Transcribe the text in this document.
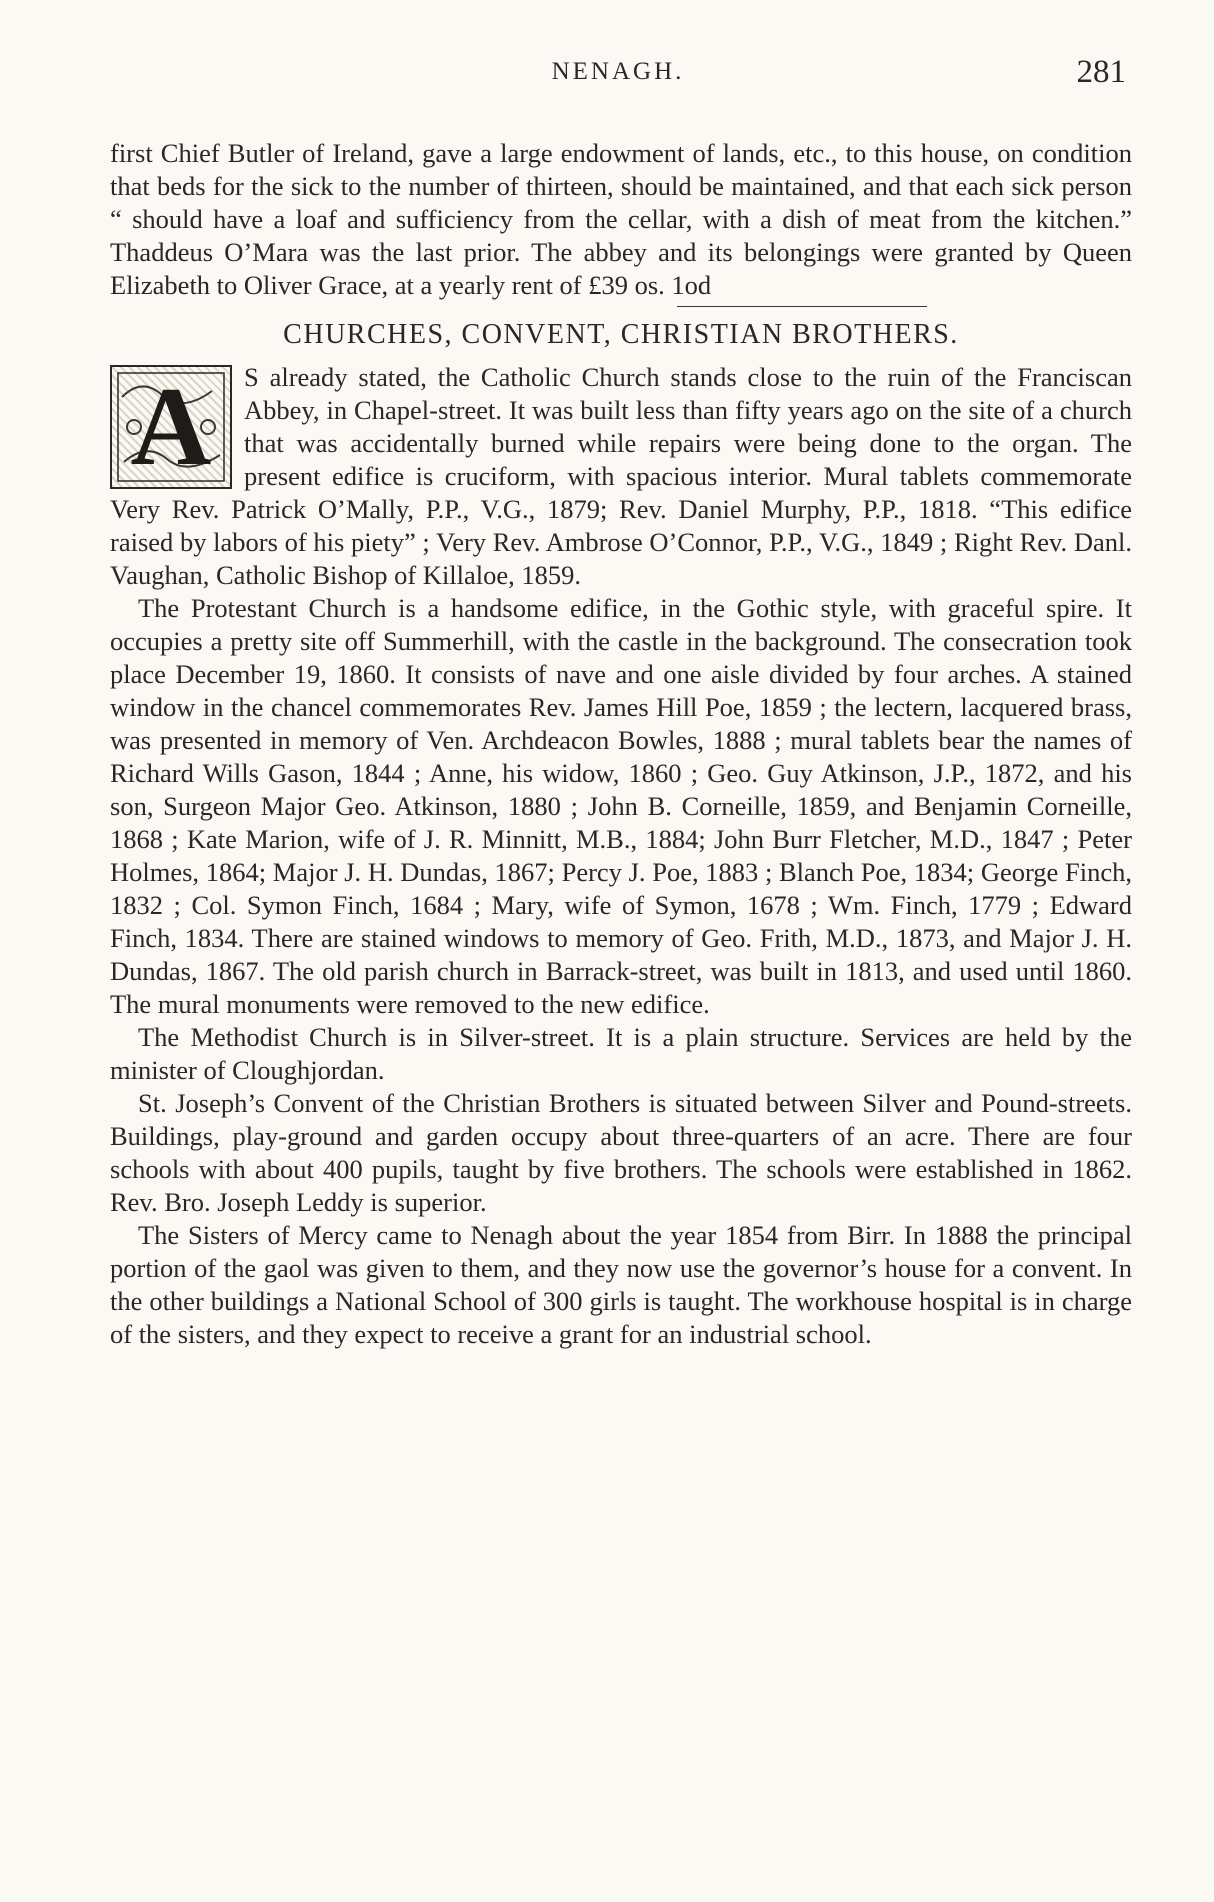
NENAGH.	281

first Chief Butler of Ireland, gave a large endowment of lands, etc., to this house, on condition that beds for the sick to the number of thirteen, should be maintained, and that each sick person “ should have a loaf and sufficiency from the cellar, with a dish of meat from the kitchen.” Thaddeus O’Mara was the last prior. The abbey and its belongings were granted by Queen Elizabeth to Oliver Grace, at a yearly rent of £39 os. 1od

CHURCHES, CONVENT, CHRISTIAN BROTHERS.
A	S already stated, the Catholic Church stands close to the ruin of the Franciscan Abbey, in Chapel-street. It was built less than fifty years ago on the site of a church that was accidentally burned while repairs were being done to the organ. The present edifice is cruciform, with spacious interior. Mural tablets commemorate Very Rev. Patrick O’Mally, P.P., V.G., 1879; Rev. Daniel Murphy, P.P., 1818. “This edifice raised by labors of his piety” ; Very Rev. Ambrose O’Connor, P.P., V.G., 1849 ; Right Rev. Danl. Vaughan, Catholic Bishop of Killaloe, 1859.

The Protestant Church is a handsome edifice, in the Gothic style, with graceful spire. It occupies a pretty site off Summerhill, with the castle in the background. The consecration took place December 19, 1860. It consists of nave and one aisle divided by four arches. A stained window in the chancel commemorates Rev. James Hill Poe, 1859 ; the lectern, lacquered brass, was presented in memory of Ven. Archdeacon Bowles, 1888 ; mural tablets bear the names of Richard Wills Gason, 1844 ; Anne, his widow, 1860 ; Geo. Guy Atkinson, J.P., 1872, and his son, Surgeon Major Geo. Atkinson, 1880 ; John B. Corneille, 1859, and Benjamin Corneille, 1868 ; Kate Marion, wife of J. R. Minnitt, M.B., 1884; John Burr Fletcher, M.D., 1847 ; Peter Holmes, 1864; Major J. H. Dundas, 1867; Percy J. Poe, 1883 ; Blanch Poe, 1834; George Finch, 1832 ; Col. Symon Finch, 1684 ; Mary, wife of Symon, 1678 ; Wm. Finch, 1779 ; Edward Finch, 1834. There are stained windows to memory of Geo. Frith, M.D., 1873, and Major J. H. Dundas, 1867. The old parish church in Barrack-street, was built in 1813, and used until 1860. The mural monuments were removed to the new edifice.

The Methodist Church is in Silver-street. It is a plain structure. Services are held by the minister of Cloughjordan.

St. Joseph’s Convent of the Christian Brothers is situated between Silver and Pound-streets. Buildings, play-ground and garden occupy about three-quarters of an acre. There are four schools with about 400 pupils, taught by five brothers. The schools were established in 1862. Rev. Bro. Joseph Leddy is superior.

The Sisters of Mercy came to Nenagh about the year 1854 from Birr. In 1888 the principal portion of the gaol was given to them, and they now use the governor’s house for a convent. In the other buildings a National School of 300 girls is taught. The workhouse hospital is in charge of the sisters, and they expect to receive a grant for an industrial school.
